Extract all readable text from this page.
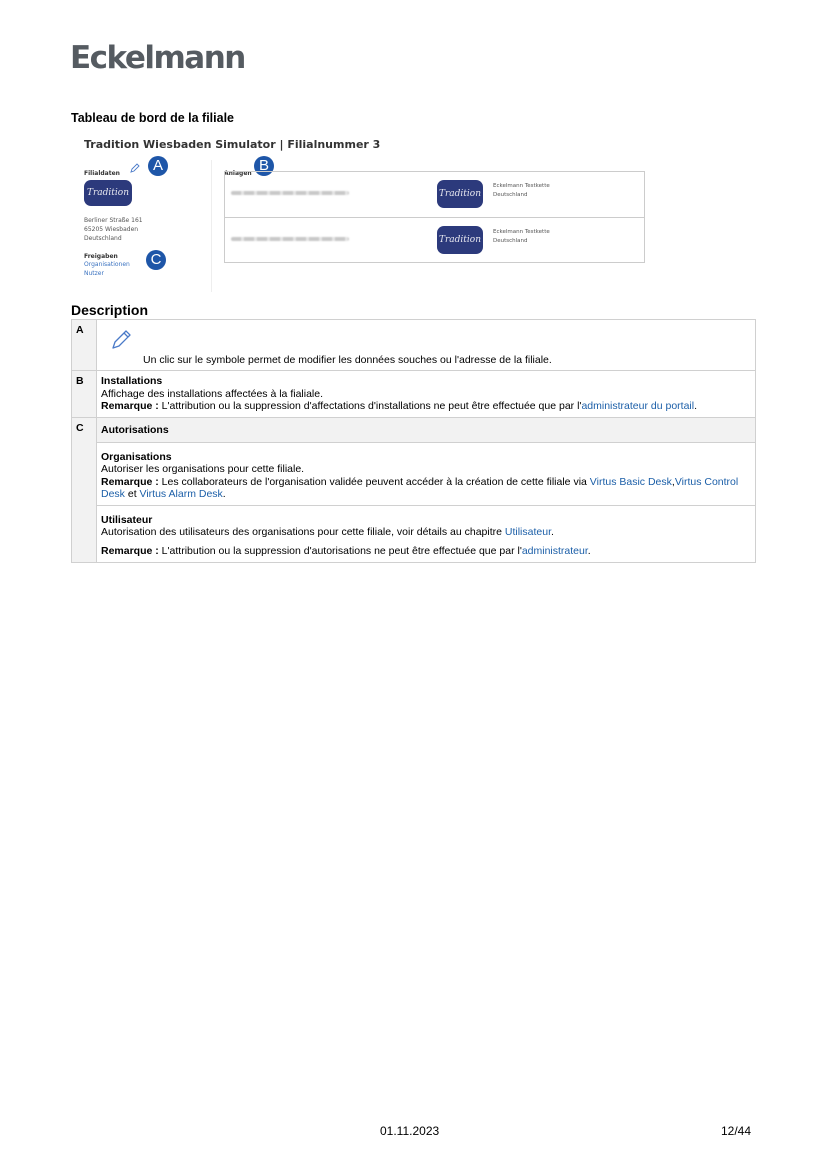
Eckelmann
Tableau de bord de la filiale
Tradition Wiesbaden Simulator | Filialnummer 3
Filialdaten	A
Tradition
Berliner Straße 161
65205 Wiesbaden
Deutschland
Freigaben
Organisationen
Nutzer
C
Anlagen B
Tradition
Eckelmann Testkette
Deutschland
Tradition
Eckelmann Testkette
Deutschland
Description
A	Un clic sur le symbole permet de modifier les données souches ou l'adresse de la filiale.

B	Installations
Affichage des installations affectées à la fialiale.
Remarque : L'attribution ou la suppression d'affectations d'installations ne peut être effectuée que par l'administrateur du portail.

C	Autorisations

	Organisations
Autoriser les organisations pour cette filiale.
Remarque : Les collaborateurs de l'organisation validée peuvent accéder à la création de cette filiale via Virtus Basic Desk,Virtus Control Desk et Virtus Alarm Desk.

	Utilisateur
Autorisation des utilisateurs des organisations pour cette filiale, voir détails au chapitre Utilisateur.
Remarque : L'attribution ou la suppression d'autorisations ne peut être effectuée que par l'administrateur.
01.11.2023	12/44
